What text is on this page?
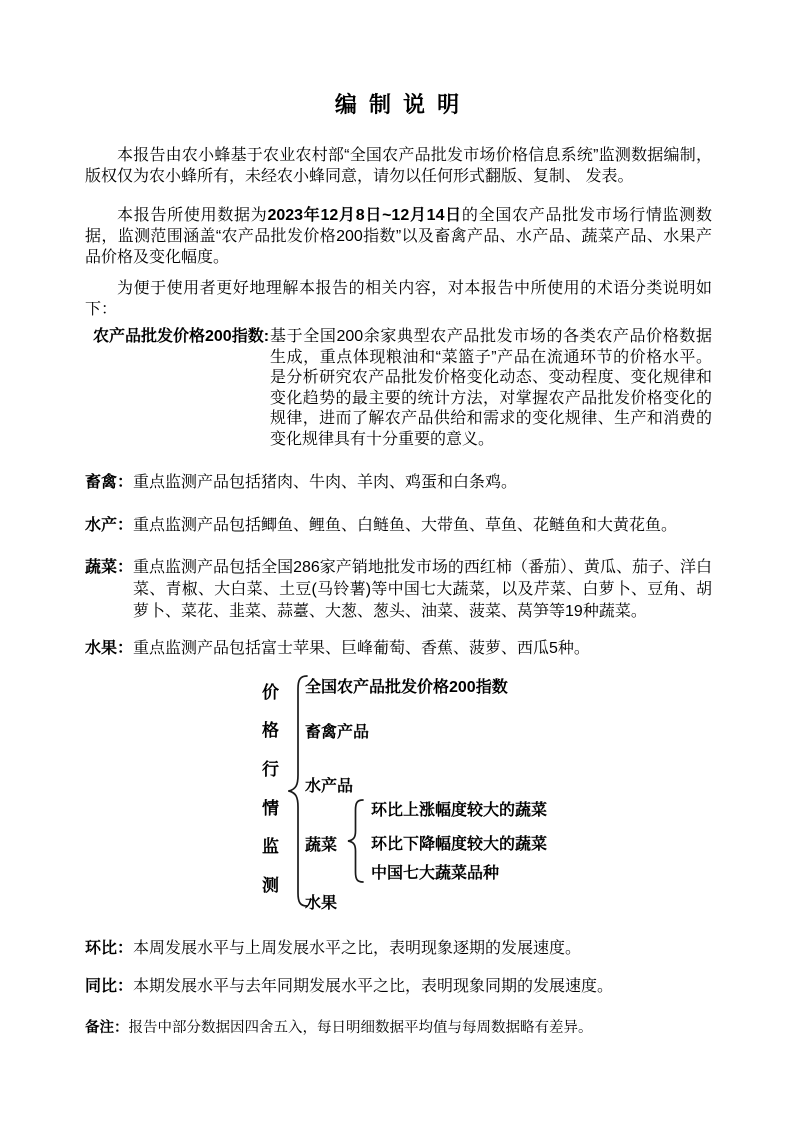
编 制 说 明

本报告由农小蜂基于农业农村部“全国农产品批发市场价格信息系统”监测数据编制，版权仅为农小蜂所有，未经农小蜂同意，请勿以任何形式翻版、复制、 发表。

本报告所使用数据为2023年12月8日~12月14日的全国农产品批发市场行情监测数据，监测范围涵盖“农产品批发价格200指数”以及畜禽产品、水产品、蔬菜产品、水果产品价格及变化幅度。

为便于使用者更好地理解本报告的相关内容，对本报告中所使用的术语分类说明如下：

农产品批发价格200指数: 基于全国200余家典型农产品批发市场的各类农产品价格数据生成，重点体现粮油和“菜篮子”产品在流通环节的价格水平。是分析研究农产品批发价格变化动态、变动程度、变化规律和变化趋势的最主要的统计方法，对掌握农产品批发价格变化的规律，进而了解农产品供给和需求的变化规律、生产和消费的变化规律具有十分重要的意义。
畜禽： 重点监测产品包括猪肉、牛肉、羊肉、鸡蛋和白条鸡。
水产： 重点监测产品包括鲫鱼、鲤鱼、白鲢鱼、大带鱼、草鱼、花鲢鱼和大黄花鱼。
蔬菜： 重点监测产品包括全国286家产销地批发市场的西红柿（番茄）、黄瓜、茄子、洋白菜、青椒、大白菜、土豆(马铃薯)等中国七大蔬菜，以及芹菜、白萝卜、豆角、胡萝卜、菜花、韭菜、蒜薹、大葱、葱头、油菜、菠菜、莴笋等19种蔬菜。
水果： 重点监测产品包括富士苹果、巨峰葡萄、香蕉、菠萝、西瓜5种。
价
格
行
情
监
测
全国农产品批发价格200指数
畜禽产品
水产品
蔬菜
环比上涨幅度较大的蔬菜
环比下降幅度较大的蔬菜
中国七大蔬菜品种
水果
环比： 本周发展水平与上周发展水平之比，表明现象逐期的发展速度。
同比： 本期发展水平与去年同期发展水平之比，表明现象同期的发展速度。
备注： 报告中部分数据因四舍五入，每日明细数据平均值与每周数据略有差异。
